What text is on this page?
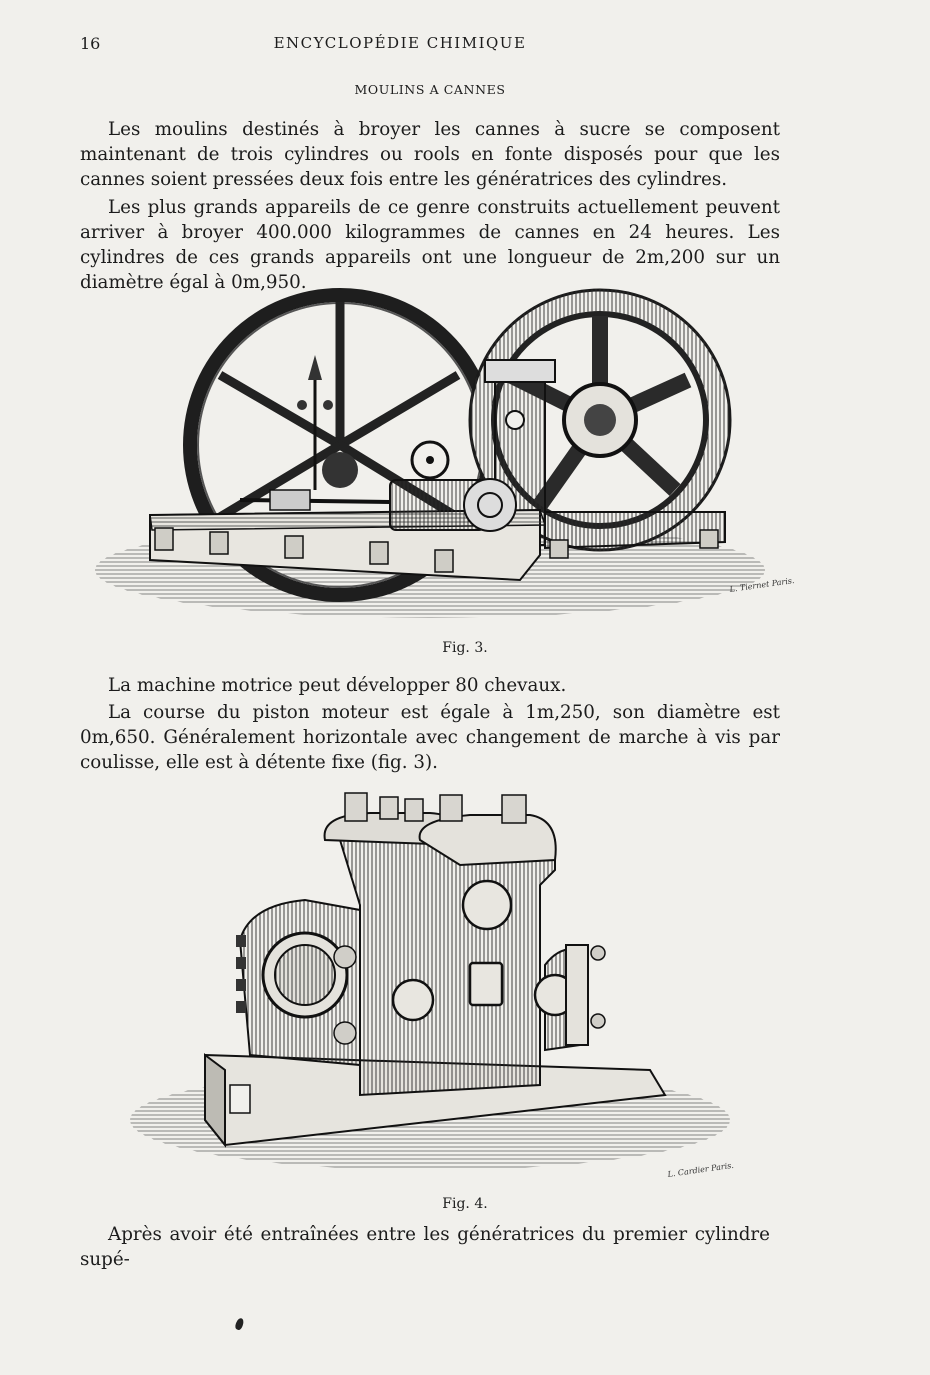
16	ENCYCLOPÉDIE CHIMIQUE
MOULINS A CANNES
Les moulins destinés à broyer les cannes à sucre se composent maintenant de trois cylindres ou rools en fonte disposés pour que les cannes soient pressées deux fois entre les génératrices des cylindres.
Les plus grands appareils de ce genre construits actuellement peuvent arriver à broyer 400.000 kilogrammes de cannes en 24 heures. Les cylindres de ces grands appareils ont une longueur de 2m,200 sur un diamètre égal à 0m,950.
L. Tiernet Paris.
Fig. 3.
La machine motrice peut développer 80 chevaux.
La course du piston moteur est égale à 1m,250, son diamètre est 0m,650. Généralement horizontale avec changement de marche à vis par coulisse, elle est à détente fixe (fig. 3).
L. Cardier Paris.
Fig. 4.
Après avoir été entraînées entre les génératrices du premier cylindre supé-
